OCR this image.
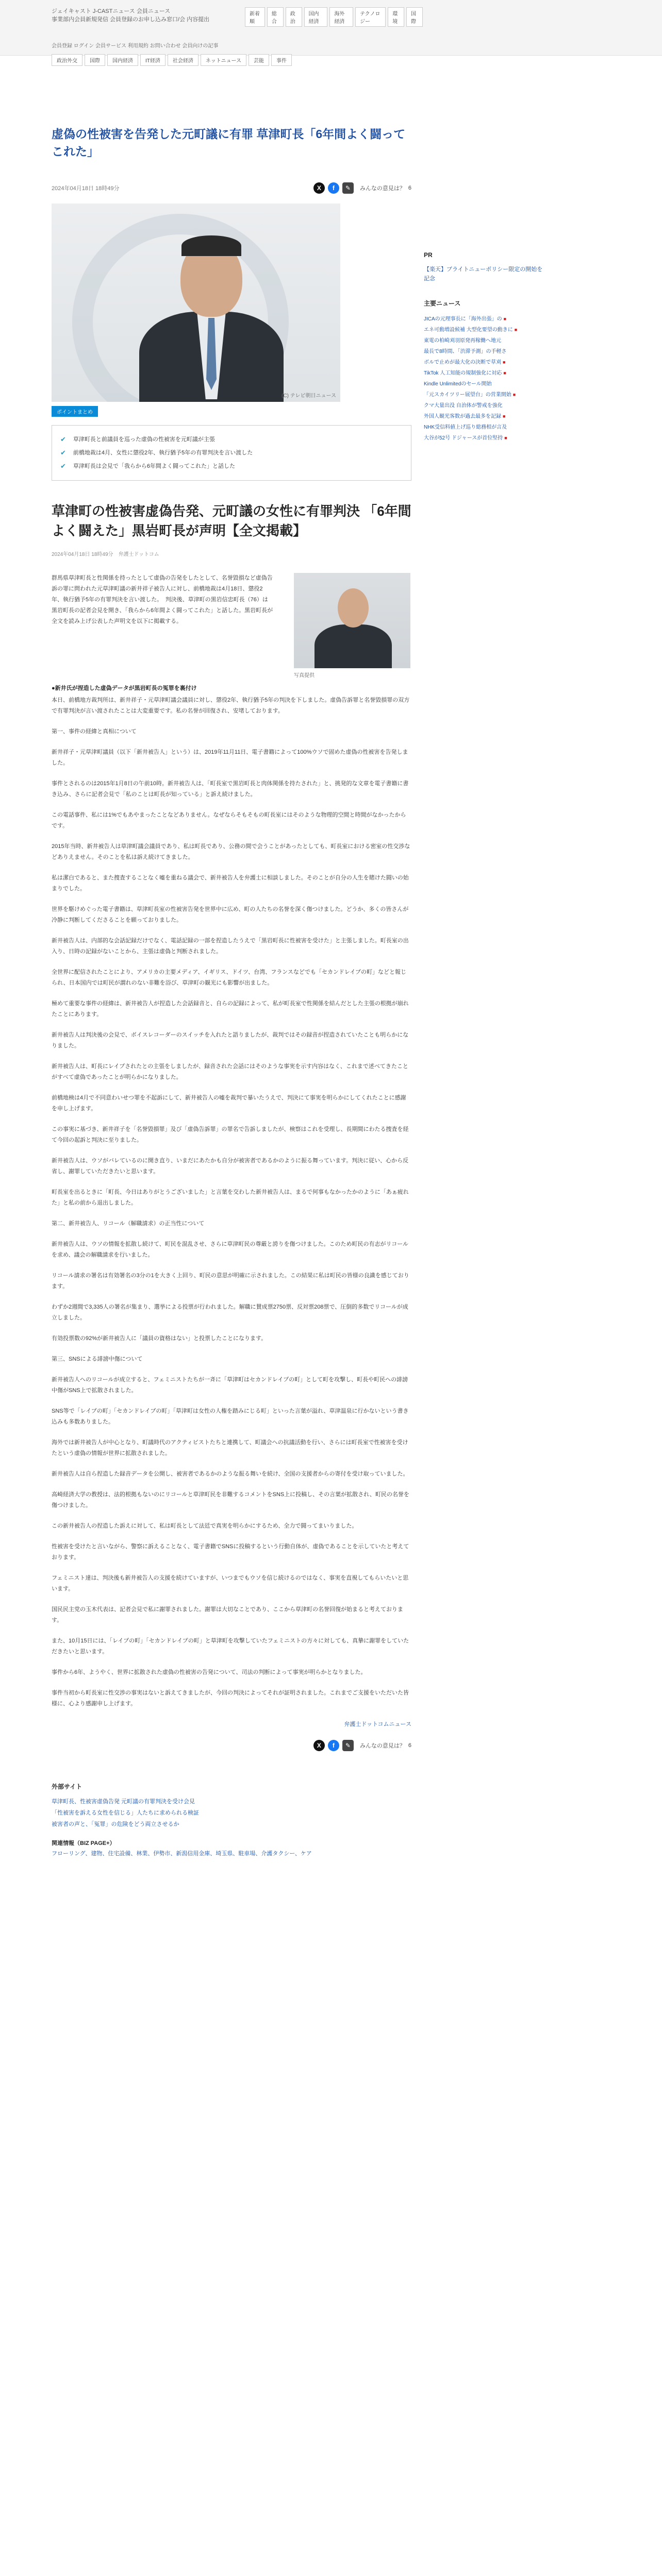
ジェイキャスト J-CASTニュース 会員ニュース
事業部内会員新規発信 会員登録のお申し込み窓口/会 内容提出
新着順
総合
政治
国内経済
海外経済
テクノロジー
環境
国際
会員登録 ログイン 会員サービス 利用規約 お問い合わせ 会員向けの記事
政治外交	国際	国内経済	IT経済	社会経済	ネットニュース	芸能	事件
虚偽の性被害を告発した元町議に有罪 草津町長「6年間よく闘ってこれた」
2024年04月18日 18時49分	X	f	✎	みんなの意見は？ 6
(C) テレビ朝日ニュース
ポイントまとめ
✔ 草津町長と前議員を巡った虚偽の性被害を元町議が主張
✔ 前橋地裁は4月、女性に懲役2年、執行猶予5年の有罪判決を言い渡した
✔ 草津町長は会見で「我らから6年間よく闘ってこれた」と話した
草津町の性被害虚偽告発、元町議の女性に有罪判決 「6年間よく闘えた」黒岩町長が声明【全文掲載】
2024年04月18日 18時49分　弁護士ドットコム
群馬県草津町長と性関係を持ったとして虚偽の告発をしたとして、名誉毀損など虚偽告訴の罪に問われた元草津町議の新井祥子被告人に対し、前橋地裁は4月18日、懲役2年、執行猶予5年の有罪判決を言い渡した。　判決後、草津町の黒岩信忠町長（76）は黒岩町長の記者会見を開き、「我らから6年間よく闘ってこれた」と話した。黒岩町長が全文を読み上げ公表した声明文を以下に掲載する。
写真提供

●新井氏が捏造した虚偽データが黒岩町長の冤罪を裏付け

本日、前橋地方裁判所は、新井祥子・元草津町議会議員に対し、懲役2年、執行猶予5年の判決を下しました。虚偽告訴罪と名誉毀損罪の双方で有罪判決が言い渡されたことは大変重要です。私の名誉が回復され、安堵しております。

第一、事件の経緯と真相について

新井祥子・元草津町議員（以下「新井被告人」という）は、2019年11月11日、電子書籍によって100%ウソで固めた虚偽の性被害を告発しました。

事件とされるのは2015年1月8日の午前10時。新井被告人は、「町長室で黒岩町長と肉体関係を持たされた」と、挑発的な文章を電子書籍に書き込み、さらに記者会見で「私のことは町長が知っている」と訴え続けました。

この電話事件、私には1%でもあやまったことなどありません。なぜならそもそもの町長室にはそのような物理的空間と時間がなかったからです。

2015年当時、新井被告人は草津町議会議員であり、私は町長であり、公務の間で会うことがあったとしても、町長室における密室の性交渉などありえません。そのことを私は訴え続けてきました。

私は潔白であると、また捜査することなく嘘を重ねる議会で、新井被告人を弁護士に相談しました。そのことが自分の人生を賭けた闘いの始まりでした。

世界を駆けめぐった電子書籍は、草津町長室の性被害告発を世界中に広め、町の人たちの名誉を深く傷つけました。どうか、多くの皆さんが冷静に判断してくださることを願っておりました。

新井被告人は、内部的な会話記録だけでなく、電話記録の一部を捏造したうえで「黒岩町長に性被害を受けた」と主張しました。町長室の出入り、日時の記録がないことから、主張は虚偽と判断されました。

全世界に配信されたことにより、アメリカの主要メディア、イギリス、ドイツ、台湾、フランスなどでも「セカンドレイプの町」などと報じられ、日本国内では町民が謂れのない非難を浴び、草津町の観光にも影響が出ました。

極めて重要な事件の経緯は、新井被告人が捏造した会話録音と、自らの記録によって、私が町長室で性関係を結んだとした主張の根拠が崩れたことにあります。

新井被告人は判決後の会見で、ボイスレコーダーのスイッチを入れたと語りましたが、裁判ではその録音が捏造されていたことも明らかになりました。

新井被告人は、町長にレイプされたとの主張をしましたが、録音された会話にはそのような事実を示す内容はなく、これまで述べてきたことがすべて虚偽であったことが明らかになりました。

前橋地検は4月で不同意わいせつ罪を不起訴にして、新井被告人の嘘を裁判で暴いたうえで、判決にて事実を明らかにしてくれたことに感謝を申し上げます。

この事実に基づき、新井祥子を「名誉毀損罪」及び「虚偽告訴罪」の罪名で告訴しましたが、検察はこれを受理し、長期間にわたる捜査を経て今回の起訴と判決に至りました。

新井被告人は、ウソがバレているのに開き直り、いまだにあたかも自分が被害者であるかのように振る舞っています。判決に従い、心から反省し、謝罪していただきたいと思います。

町長室を出るときに「町長、今日はありがとうございました」と言葉を交わした新井被告人は、まるで何事もなかったかのように「あぁ疲れた」と私の前から退出しました。

第二、新井被告人、リコール（解職請求）の正当性について

新井被告人は、ウソの情報を拡散し続けて、町民を混乱させ、さらに草津町民の尊厳と誇りを傷つけました。このため町民の有志がリコールを求め、議会の解職請求を行いました。

リコール請求の署名は有効署名の3分の1を大きく上回り、町民の意思が明確に示されました。この結果に私は町民の皆様の良識を感じております。

わずか2週間で3,335人の署名が集まり、選挙による投票が行われました。解職に賛成票2750票、反対票208票で、圧倒的多数でリコールが成立しました。

有効投票数の92%が新井被告人に「議員の資格はない」と投票したことになります。

第三、SNSによる誹謗中傷について

新井被告人へのリコールが成立すると、フェミニストたちが一斉に「草津町はセカンドレイプの町」として町を攻撃し、町長や町民への誹謗中傷がSNS上で拡散されました。

SNS等で「レイプの町」「セカンドレイプの町」「草津町は女性の人権を踏みにじる町」といった言葉が溢れ、草津温泉に行かないという書き込みも多数ありました。

海外では新井被告人が中心となり、町議時代のアクティビストたちと連携して、町議会への抗議活動を行い、さらには町長室で性被害を受けたという虚偽の情報が世界に拡散されました。

新井被告人は自ら捏造した録音データを公開し、被害者であるかのような振る舞いを続け、全国の支援者からの寄付を受け取っていました。

高崎経済大学の教授は、法的根拠もないのにリコールと草津町民を非難するコメントをSNS上に投稿し、その言葉が拡散され、町民の名誉を傷つけました。

この新井被告人の捏造した訴えに対して、私は町長として法廷で真実を明らかにするため、全力で闘ってまいりました。

性被害を受けたと言いながら、警察に訴えることなく、電子書籍でSNSに投稿するという行動自体が、虚偽であることを示していたと考えております。

フェミニスト達は、判決後も新井被告人の支援を続けていますが、いつまでもウソを信じ続けるのではなく、事実を直視してもらいたいと思います。

国民民主党の玉木代表は、記者会見で私に謝罪されました。謝罪は大切なことであり、ここから草津町の名誉回復が始まると考えております。

また、10月15日には、「レイプの町」「セカンドレイプの町」と草津町を攻撃していたフェミニストの方々に対しても、真摯に謝罪をしていただきたいと思います。

事件から6年、ようやく、世界に拡散された虚偽の性被害の告発について、司法の判断によって事実が明らかとなりました。

事件当初から町長室に性交渉の事実はないと訴えてきましたが、今回の判決によってそれが証明されました。これまでご支援をいただいた皆様に、心より感謝申し上げます。

弁護士ドットコムニュース

X	f	✎	みんなの意見は？ 6
外部サイト
草津町長、性被害虚偽告発 元町議の有罪判決を受け会見
「性被害を訴える女性を信じる」人たちに求められる検証
被害者の声と、「冤罪」の危険をどう両立させるか
関連情報（BIZ PAGE+）
フローリング、建物、住宅設備、林業、伊勢市、新潟信用金庫、埼玉県、駐車場、介護タクシー、ケア
PR
【楽天】ブライトニューポリシー限定の開始を記念
主要ニュース
JICAの元理事長に「海外出張」の ■
エネ可動増設候補 大型化要望の動きに ■
東電の柏崎刈羽原発再稼働へ地元
最長で8時間、「渋滞予測」の手軽さ
ボルで止めが最大化の決断で草刈 ■
TikTok 人工知能の規制強化に対応 ■
Kindle Unlimitedのセール開始
「元スカイツリー展望台」の営業開始 ■
クマ大量出没 自治体が警戒を強化
外国人観光客数が過去最多を記録 ■
NHK受信料値上げ巡り総務相が言及
大谷が52号 ドジャースが首位堅持 ■
